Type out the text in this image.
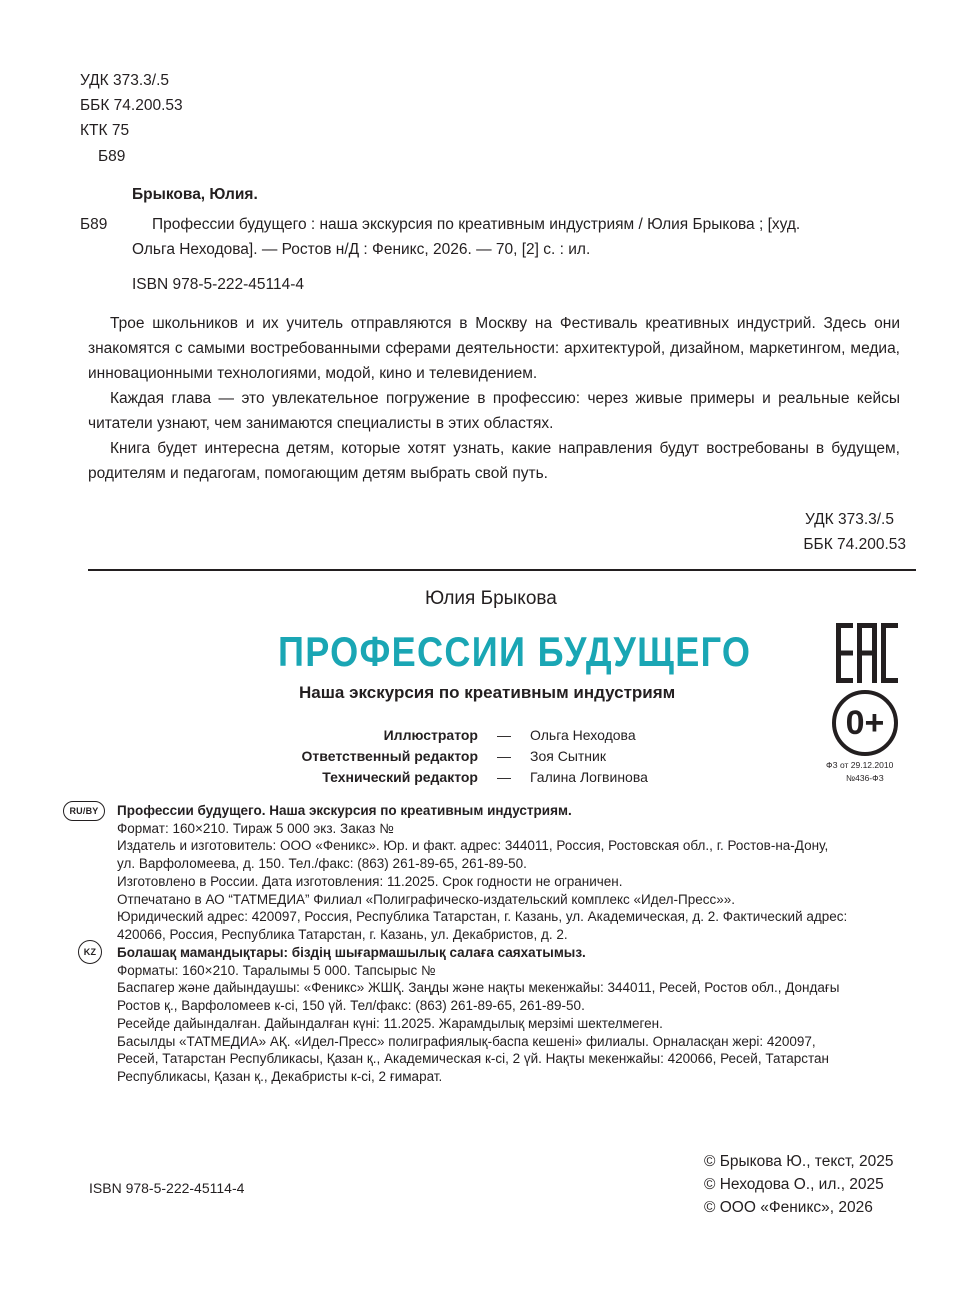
УДК 373.3/.5
ББК 74.200.53
КТК 75
Б89
Брыкова, Юлия.
Б89	Профессии будущего : наша экскурсия по креативным индустриям / Юлия Брыкова ; [худ.
Ольга Неходова]. — Ростов н/Д : Феникс, 2026. — 70, [2] с. : ил.
ISBN 978-5-222-45114-4

Трое школьников и их учитель отправляются в Москву на Фестиваль креативных индустрий. Здесь они знакомятся с самыми востребованными сферами деятельности: архитектурой, дизайном, маркетингом, медиа, инновационными технологиями, модой, кино и телевидением.

Каждая глава — это увлекательное погружение в профессию: через живые примеры и реальные кейсы читатели узнают, чем занимаются специалисты в этих областях.

Книга будет интересна детям, которые хотят узнать, какие направления будут востребованы в будущем, родителям и педагогам, помогающим детям выбрать свой путь.

УДК 373.3/.5
ББК 74.200.53
Юлия Брыкова
ПРОФЕССИИ БУДУЩЕГО
Наша экскурсия по креативным индустриям
Иллюстратор — Ольга Неходова
Ответственный редактор — Зоя Сытник
Технический редактор — Галина Логвинова
0+
ФЗ от 29.12.2010
№436-ФЗ
RU/BY	Профессии будущего. Наша экскурсия по креативным индустриям.
Формат: 160×210. Тираж 5 000 экз. Заказ №
Издатель и изготовитель: ООО «Феникс». Юр. и факт. адрес: 344011, Россия, Ростовская обл., г. Ростов-на-Дону,
ул. Варфоломеева, д. 150. Тел./факс: (863) 261-89-65, 261-89-50.
Изготовлено в России. Дата изготовления: 11.2025. Срок годности не ограничен.
Отпечатано в АО “ТАТМЕДИА” Филиал «Полиграфическо-издательский комплекс «Идел-Пресс»».
Юридический адрес: 420097, Россия, Республика Татарстан, г. Казань, ул. Академическая, д. 2. Фактический адрес:
420066, Россия, Республика Татарстан, г. Казань, ул. Декабристов, д. 2.
KZ	Болашақ мамандықтары: біздің шығармашылық салаға саяхатымыз.
Форматы: 160×210. Таралымы 5 000. Тапсырыс №
Баспагер және дайындаушы: «Феникс» ЖШҚ. Заңды және нақты мекенжайы: 344011, Ресей, Ростов обл., Дондағы
Ростов қ., Варфоломеев к-сі, 150 үй. Тел/факс: (863) 261-89-65, 261-89-50.
Ресейде дайындалған. Дайындалған күні: 11.2025. Жарамдылық мерзімі шектелмеген.
Басылды «ТАТМЕДИА» АҚ. «Идел-Пресс» полиграфиялық-баспа кешені» филиалы. Орналасқан жері: 420097,
Ресей, Татарстан Республикасы, Қазан қ., Академическая к-сі, 2 үй. Нақты мекенжайы: 420066, Ресей, Татарстан
Республикасы, Қазан қ., Декабристы к-сі, 2 ғимарат.
ISBN 978-5-222-45114-4
© Брыкова Ю., текст, 2025
© Неходова О., ил., 2025
© ООО «Феникс», 2026
